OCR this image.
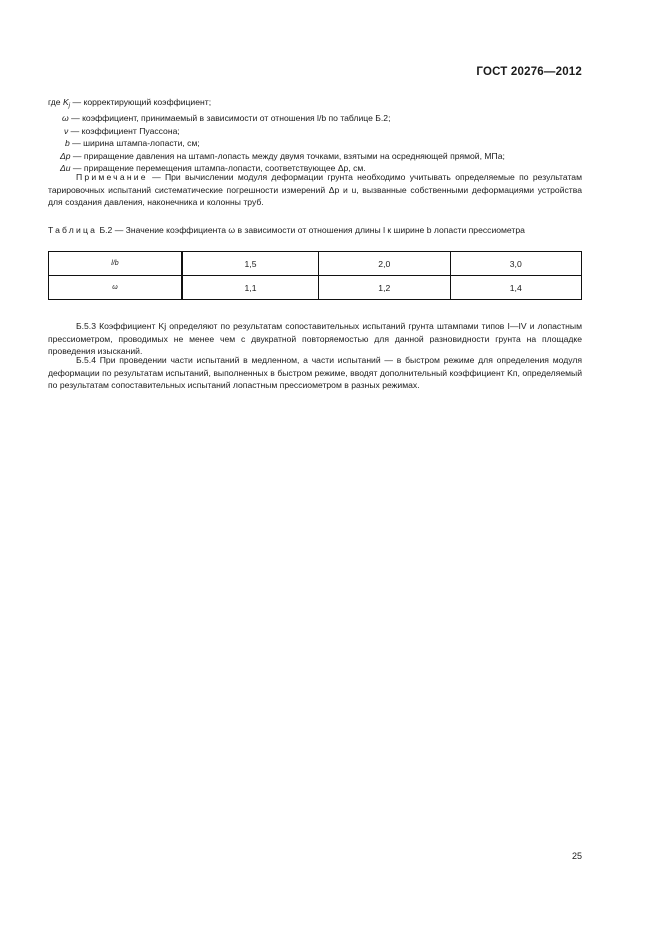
ГОСТ 20276—2012
где $K_j$ — корректирующий коэффициент;
ω — коэффициент, принимаемый в зависимости от отношения l/b по таблице Б.2;
ν — коэффициент Пуассона;
b — ширина штампа-лопасти, см;
Δp — приращение давления на штамп-лопасть между двумя точками, взятыми на осредняющей прямой, МПа;
Δu — приращение перемещения штампа-лопасти, соответствующее Δp, см.
Примечание — При вычислении модуля деформации грунта необходимо учитывать определяемые по результатам тарировочных испытаний систематические погрешности измерений Δp и u, вызванные собственными деформациями устройства для создания давления, наконечника и колонны труб.
Таблица Б.2 — Значение коэффициента ω в зависимости от отношения длины l к ширине b лопасти прессиометра
l/b	1,5	2,0	3,0
ω	1,1	1,2	1,4
Б.5.3 Коэффициент Kj определяют по результатам сопоставительных испытаний грунта штампами типов I—IV и лопастным прессиометром, проводимых не менее чем с двукратной повторяемостью для данной разновидности грунта на площадке проведения изысканий.
Б.5.4 При проведении части испытаний в медленном, а части испытаний — в быстром режиме для определения модуля деформации по результатам испытаний, выполненных в быстром режиме, вводят дополнительный коэффициент Kп, определяемый по результатам сопоставительных испытаний лопастным прессиометром в разных режимах.
25
